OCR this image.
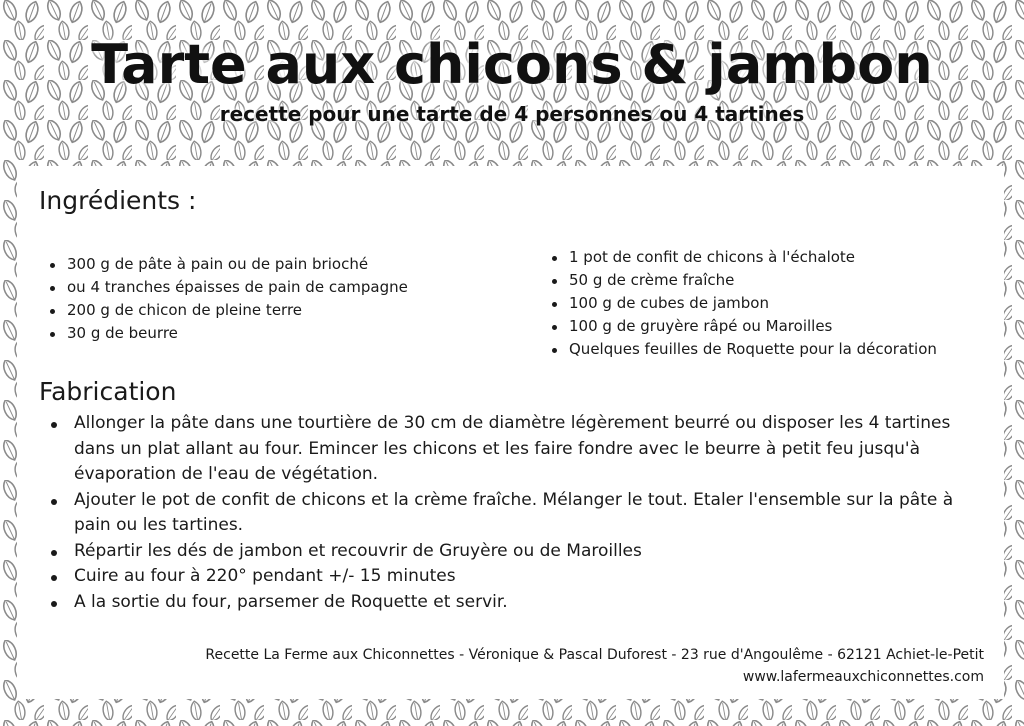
Tarte aux chicons & jambon

recette pour une tarte de 4 personnes ou 4 tartines

Ingrédients :
300 g de pâte à pain ou de pain brioché
ou 4 tranches épaisses de pain de campagne
200 g de chicon de pleine terre
30 g de beurre
1 pot de confit de chicons à l'échalote
50 g de crème fraîche
100 g de cubes de jambon
100 g de gruyère râpé ou Maroilles
Quelques feuilles de Roquette pour la décoration
Fabrication
Allonger la pâte dans une tourtière de 30 cm de diamètre légèrement beurré ou disposer les 4 tartines dans un plat allant au four. Emincer les chicons et les faire fondre avec le beurre à petit feu jusqu'à évaporation de l'eau de végétation.
Ajouter le pot de confit de chicons et la crème fraîche. Mélanger le tout. Etaler l'ensemble sur la pâte à pain ou les tartines.
Répartir les dés de jambon et recouvrir de Gruyère ou de Maroilles
Cuire au four à 220° pendant +/- 15 minutes
A la sortie du four, parsemer de Roquette et servir.

Recette La Ferme aux Chiconnettes - Véronique & Pascal Duforest - 23 rue d'Angoulême - 62121 Achiet-le-Petit

www.lafermeauxchiconnettes.com
